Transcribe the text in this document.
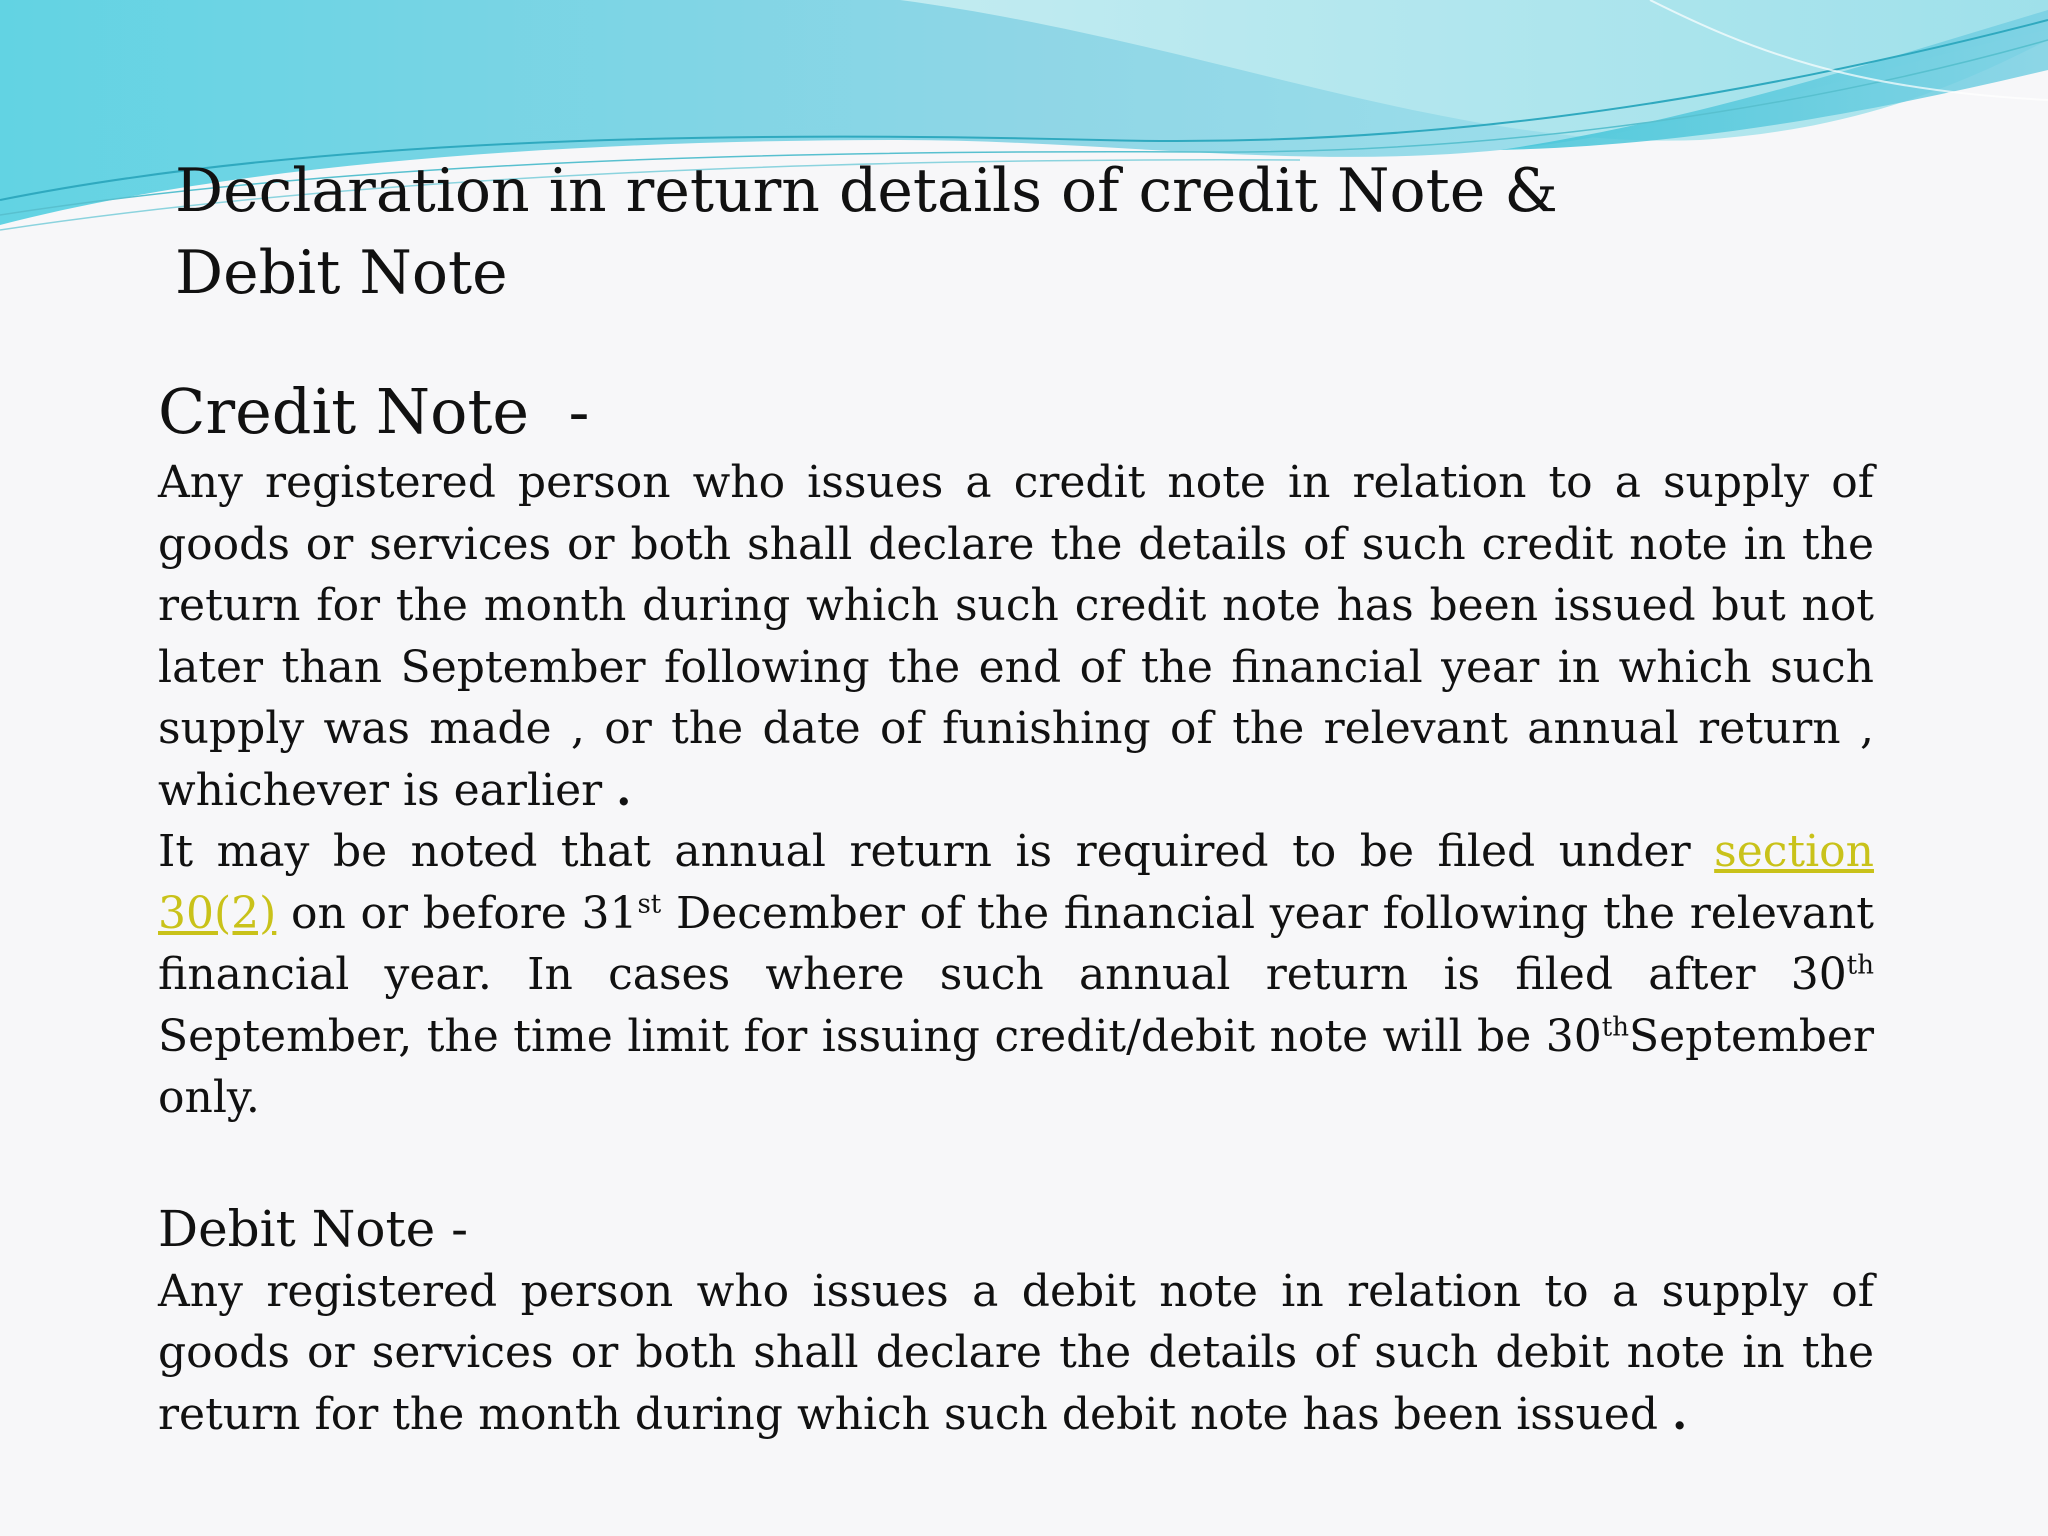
Declaration in return details of credit Note & Debit Note
Credit Note  -

Any registered person who issues a credit note in relation to a supply of goods or services or both shall declare the details of such credit note in the return for the month during which such credit note has been issued but not later than September following the end of the financial year in which such supply was made , or the date of funishing of the relevant annual return , whichever is earlier .

It may be noted that annual return is required to be filed under section 30(2) on or before 31st December of the financial year following the relevant financial year. In cases where such annual return is filed after 30th September, the time limit for issuing credit/debit note will be 30thSeptember only.

Debit Note -

Any registered person who issues a debit note in relation to a supply of goods or services or both shall declare the details of such debit note in the return for the month during which such debit note has been issued .
